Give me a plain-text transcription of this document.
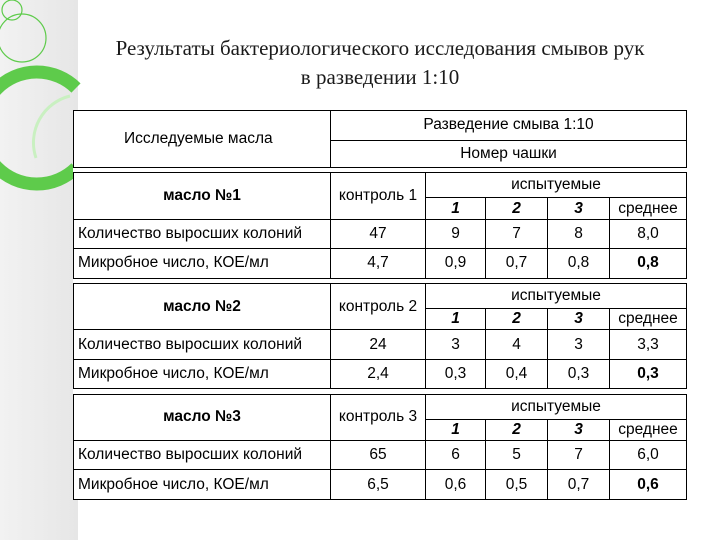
Результаты бактериологического исследования смывов рук
в разведении 1:10
Исследуемые масла	Разведение смыва 1:10				
	Номер чашки				

масло №1	контроль 1	испытуемые			
		1	2	3	среднее
Количество выросших колоний	47	9	7	8	8,0
Микробное число, КОЕ/мл	4,7	0,9	0,7	0,8	0,8

масло №2	контроль 2	испытуемые			
		1	2	3	среднее
Количество выросших колоний	24	3	4	3	3,3
Микробное число, КОЕ/мл	2,4	0,3	0,4	0,3	0,3

масло №3	контроль 3	испытуемые			
		1	2	3	среднее
Количество выросших колоний	65	6	5	7	6,0
Микробное число, КОЕ/мл	6,5	0,6	0,5	0,7	0,6
